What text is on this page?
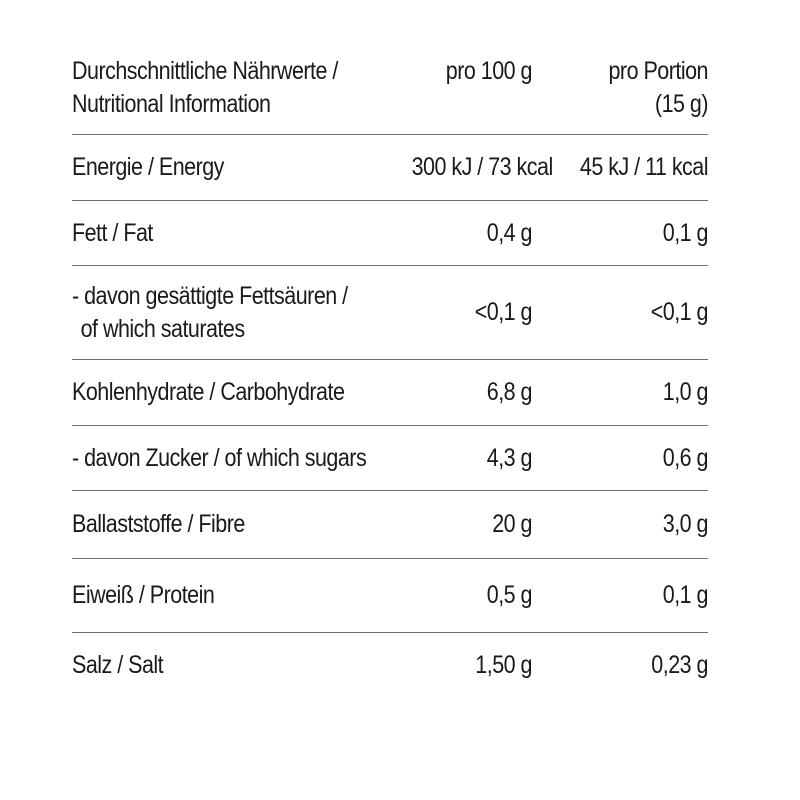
Durchschnittliche Nährwerte /
Nutritional Information
pro 100 g	pro Portion
(15 g)
Energie / Energy	300 kJ / 73 kcal	45 kJ / 11 kcal
Fett / Fat	0,4 g	0,1 g
- davon gesättigte Fettsäuren /
of which saturates
<0,1 g	<0,1 g
Kohlenhydrate / Carbohydrate	6,8 g	1,0 g
- davon Zucker / of which sugars	4,3 g	0,6 g
Ballaststoffe / Fibre	20 g	3,0 g
Eiweiß / Protein	0,5 g	0,1 g
Salz / Salt	1,50 g	0,23 g
